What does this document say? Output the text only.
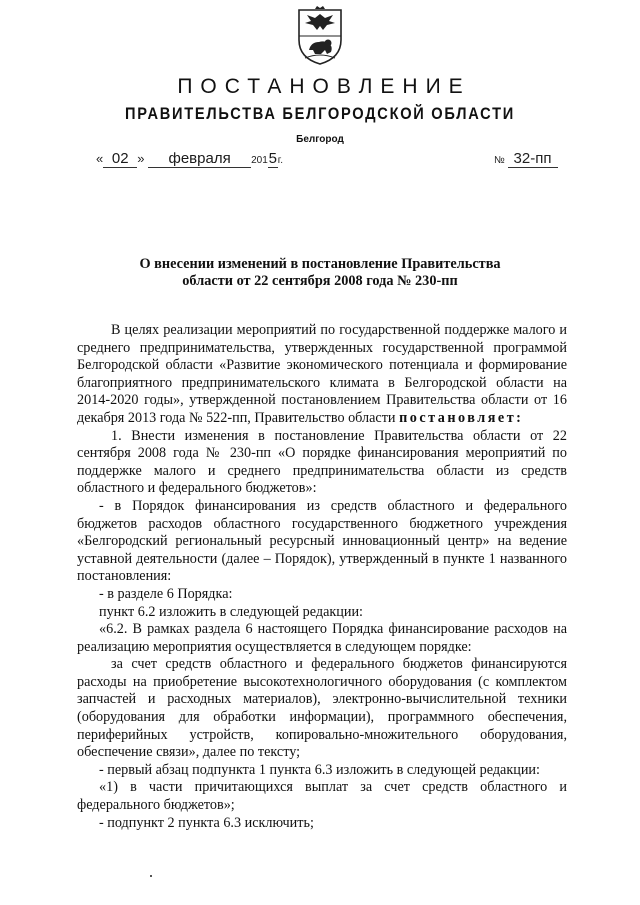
ПОСТАНОВЛЕНИЕ
ПРАВИТЕЛЬСТВА БЕЛГОРОДСКОЙ ОБЛАСТИ
Белгород
« 02 » февраля 2015г.	№ 32-пп
О внесении изменений в постановление Правительства
области от 22 сентября 2008 года № 230-пп

В целях реализации мероприятий по государственной поддержке малого и среднего предпринимательства, утвержденных государственной программой Белгородской области «Развитие экономического потенциала и формирование благоприятного предпринимательского климата в Белгородской области на 2014-2020 годы», утвержденной постановлением Правительства области от 16 декабря 2013 года № 522-пп, Правительство области постановляет:

1. Внести изменения в постановление Правительства области от 22 сентября 2008 года № 230-пп «О порядке финансирования мероприятий по поддержке малого и среднего предпринимательства области из средств областного и федерального бюджетов»:

- в Порядок финансирования из средств областного и федерального бюджетов расходов областного государственного бюджетного учреждения «Белгородский региональный ресурсный инновационный центр» на ведение уставной деятельности (далее – Порядок), утвержденный в пункте 1 названного постановления:

- в разделе 6 Порядка:

пункт 6.2 изложить в следующей редакции:

«6.2. В рамках раздела 6 настоящего Порядка финансирование расходов на реализацию мероприятия осуществляется в следующем порядке:

за счет средств областного и федерального бюджетов финансируются расходы на приобретение высокотехнологичного оборудования (с комплектом запчастей и расходных материалов), электронно-вычислительной техники (оборудования для обработки информации), программного обеспечения, периферийных устройств, копировально-множительного оборудования, обеспечение связи», далее по тексту;

- первый абзац подпункта 1 пункта 6.3 изложить в следующей редакции:

«1) в части причитающихся выплат за счет средств областного и федерального бюджетов»;

- подпункт 2 пункта 6.3 исключить;
